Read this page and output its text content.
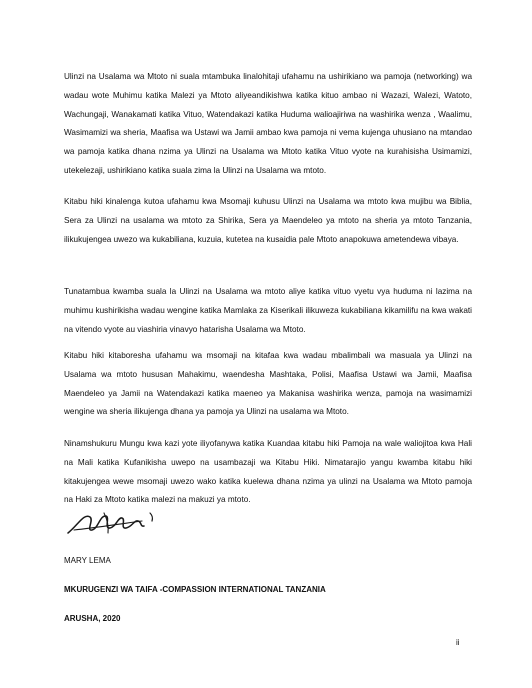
Ulinzi na Usalama wa Mtoto ni suala mtambuka linalohitaji ufahamu na ushirikiano wa pamoja (networking) wa wadau wote Muhimu katika Malezi ya Mtoto aliyeandikishwa katika kituo ambao ni Wazazi, Walezi, Watoto, Wachungaji, Wanakamati katika Vituo, Watendakazi katika Huduma walioajiriwa na washirika wenza , Waalimu, Wasimamizi wa sheria, Maafisa wa Ustawi wa Jamii ambao kwa pamoja ni vema kujenga uhusiano na mtandao wa pamoja katika dhana nzima ya Ulinzi na Usalama wa Mtoto katika Vituo vyote na kurahisisha Usimamizi, utekelezaji, ushirikiano katika suala zima la Ulinzi na Usalama wa mtoto.

Kitabu hiki kinalenga kutoa ufahamu kwa Msomaji kuhusu Ulinzi na Usalama wa mtoto kwa mujibu wa Biblia, Sera za Ulinzi na usalama wa mtoto za Shirika, Sera ya Maendeleo ya mtoto na sheria ya mtoto Tanzania, ilikukujengea uwezo wa kukabiliana, kuzuia, kutetea na kusaidia pale Mtoto anapokuwa ametendewa vibaya.

Tunatambua kwamba suala la Ulinzi na Usalama wa mtoto aliye katika vituo vyetu vya huduma ni lazima na muhimu kushirikisha wadau wengine katika Mamlaka za Kiserikali ilikuweza kukabiliana kikamilifu na kwa wakati na vitendo vyote au viashiria vinavyo hatarisha Usalama wa Mtoto.

Kitabu hiki kitaboresha ufahamu wa msomaji na kitafaa kwa wadau mbalimbali wa masuala ya Ulinzi na Usalama wa mtoto hususan Mahakimu, waendesha Mashtaka, Polisi, Maafisa Ustawi wa Jamii, Maafisa Maendeleo ya Jamii na Watendakazi katika maeneo ya Makanisa washirika wenza, pamoja na wasimamizi wengine wa sheria ilikujenga dhana ya pamoja ya Ulinzi na usalama wa Mtoto.

Ninamshukuru Mungu kwa kazi yote iliyofanywa katika Kuandaa kitabu hiki Pamoja na wale waliojitoa kwa Hali na Mali katika Kufanikisha uwepo na usambazaji wa Kitabu Hiki. Nimatarajio yangu kwamba kitabu hiki kitakujengea wewe msomaji uwezo wako katika kuelewa dhana nzima ya ulinzi na Usalama wa Mtoto pamoja na Haki za Mtoto katika malezi na makuzi ya mtoto.

MARY LEMA

MKURUGENZI WA TAIFA -COMPASSION INTERNATIONAL TANZANIA

ARUSHA, 2020

ii
